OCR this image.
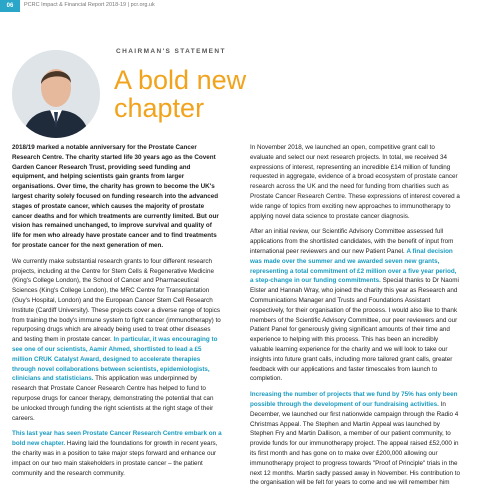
06	PCRC Impact & Financial Report 2018-19 | pcr.org.uk
CHAIRMAN'S STATEMENT
A bold new
chapter

2018/19 marked a notable anniversary for the Prostate Cancer Research Centre. The charity started life 30 years ago as the Covent Garden Cancer Research Trust, providing seed funding and equipment, and helping scientists gain grants from larger organisations. Over time, the charity has grown to become the UK's largest charity solely focused on funding research into the advanced stages of prostate cancer, which causes the majority of prostate cancer deaths and for which treatments are currently limited. But our vision has remained unchanged, to improve survival and quality of life for men who already have prostate cancer and to find treatments for prostate cancer for the next generation of men.

We currently make substantial research grants to four different research projects, including at the Centre for Stem Cells & Regenerative Medicine (King's College London), the School of Cancer and Pharmaceutical Sciences (King's College London), the MRC Centre for Transplantation (Guy's Hospital, London) and the European Cancer Stem Cell Research Institute (Cardiff University). These projects cover a diverse range of topics from training the body's immune system to fight cancer (immunotherapy) to repurposing drugs which are already being used to treat other diseases and testing them in prostate cancer. In particular, it was encouraging to see one of our scientists, Aamir Ahmed, shortlisted to lead a £5 million CRUK Catalyst Award, designed to accelerate therapies through novel collaborations between scientists, epidemiologists, clinicians and statisticians. This application was underpinned by research that Prostate Cancer Research Centre has helped to fund to repurpose drugs for cancer therapy, demonstrating the potential that can be unlocked through funding the right scientists at the right stage of their careers.

This last year has seen Prostate Cancer Research Centre embark on a bold new chapter. Having laid the foundations for growth in recent years, the charity was in a position to take major steps forward and enhance our impact on our two main stakeholders in prostate cancer – the patient community and the research community.

In November 2018, we launched an open, competitive grant call to evaluate and select our next research projects. In total, we received 34 expressions of interest, representing an incredible £14 million of funding requested in aggregate, evidence of a broad ecosystem of prostate cancer research across the UK and the need for funding from charities such as Prostate Cancer Research Centre. These expressions of interest covered a wide range of topics from exciting new approaches to immunotherapy to applying novel data science to prostate cancer diagnosis.

After an initial review, our Scientific Advisory Committee assessed full applications from the shortlisted candidates, with the benefit of input from international peer reviewers and our new Patient Panel. A final decision was made over the summer and we awarded seven new grants, representing a total commitment of £2 million over a five year period, a step-change in our funding commitments. Special thanks to Dr Naomi Elster and Hannah Wray, who joined the charity this year as Research and Communications Manager and Trusts and Foundations Assistant respectively, for their organisation of the process. I would also like to thank members of the Scientific Advisory Committee, our peer reviewers and our Patient Panel for generously giving significant amounts of their time and experience to helping with this process. This has been an incredibly valuable learning experience for the charity and we will look to take our insights into future grant calls, including more tailored grant calls, greater feedback with our applications and faster timescales from launch to completion.

Increasing the number of projects that we fund by 75% has only been possible through the development of our fundraising activities. In December, we launched our first nationwide campaign through the Radio 4 Christmas Appeal. The Stephen and Martin Appeal was launched by Stephen Fry and Martin Dallison, a member of our patient community, to provide funds for our immunotherapy project. The appeal raised £52,000 in its first month and has gone on to make over £200,000 allowing our immunotherapy project to progress towards "Proof of Principle" trials in the next 12 months. Martin sadly passed away in November. His contribution to the organisation will be felt for years to come and we will remember him
